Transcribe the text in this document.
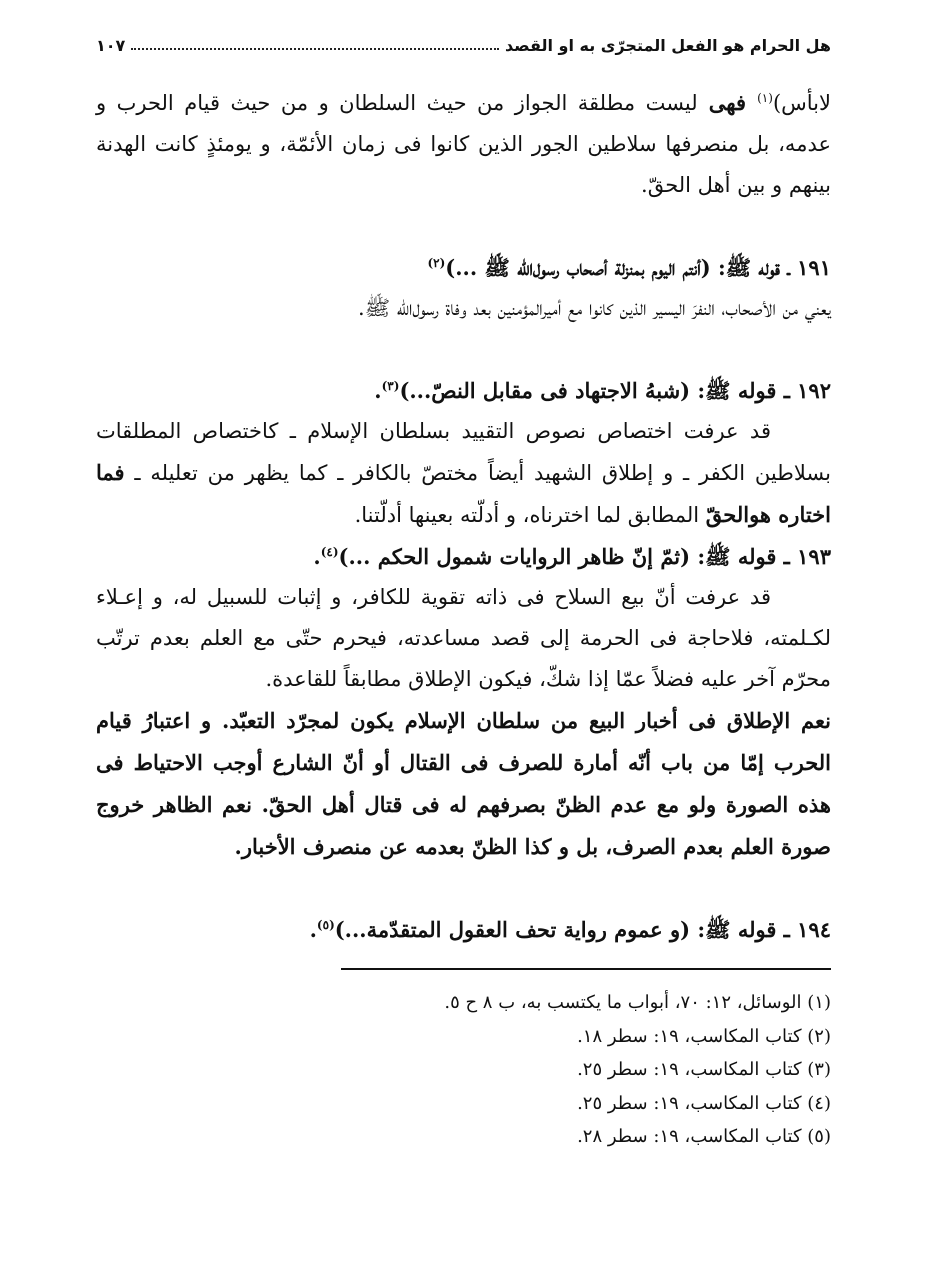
هل الحرام هو الفعل المتجرّى به او القصد
١٠٧

لابأس)$^{(١)}$ فهى ليست مطلقة الجواز من حيث السلطان و من حيث قيام الحرب و عدمه، بل منصرفها سلاطين الجور الذين كانوا فى زمان الأئمّة، و يومئذٍ كانت الهدنة بينهم و بين أهل الحقّ.

١٩١ ـ قوله ﷺ: (أنتم اليوم بمنزلة أصحاب رسول‌الله ﷺ ...)$^{(٢)}$

يعني من الأصحاب، النفرَ اليسير الذين كانوا مع أميرالمؤمنين بعد وفاة رسول‌الله ﷺ.

١٩٢ ـ قوله ﷺ: (شبهُ الاجتهاد فى مقابل النصّ...)$^{(٣)}$.

قد عرفت اختصاص نصوص التقييد بسلطان الإسلام ـ كاختصاص المطلقات بسلاطين الكفر ـ و إطلاق الشهيد أيضاً مختصّ بالكافر ـ كما يظهر من تعليله ـ فما اختاره هوالحقّ المطابق لما اخترناه، و أدلّته بعينها أدلّتنا.

١٩٣ ـ قوله ﷺ: (ثمّ إنّ ظاهر الروايات شمول الحكم ...)$^{(٤)}$.

قد عرفت أنّ بيع السلاح فى ذاته تقوية للكافر، و إثبات للسبيل له، و إعـلاء لكـلمته، فلاحاجة فى الحرمة إلى قصد مساعدته، فيحرم حتّى مع العلم بعدم ترتّب محرّم آخر عليه فضلاً عمّا إذا شكّ، فيكون الإطلاق مطابقاً للقاعدة.

نعم الإطلاق فى أخبار البيع من سلطان الإسلام يكون لمجرّد التعبّد. و اعتبارُ قيام الحرب إمّا من باب أنّه أمارة للصرف فى القتال أو أنّ الشارع أوجب الاحتياط فى هذه الصورة ولو مع عدم الظنّ بصرفهم له فى قتال أهل الحقّ. نعم الظاهر خروج صورة العلم بعدم الصرف، بل و كذا الظنّ بعدمه عن منصرف الأخبار.

١٩٤ ـ قوله ﷺ: (و عموم رواية تحف العقول المتقدّمة...)$^{(٥)}$.

(١) الوسائل، ١٢: ٧٠، أبواب ما يكتسب به، ب ٨ ح ٥.
(٢) كتاب المكاسب، ١٩: سطر ١٨.
(٣) كتاب المكاسب، ١٩: سطر ٢٥.
(٤) كتاب المكاسب، ١٩: سطر ٢٥.
(٥) كتاب المكاسب، ١٩: سطر ٢٨.
